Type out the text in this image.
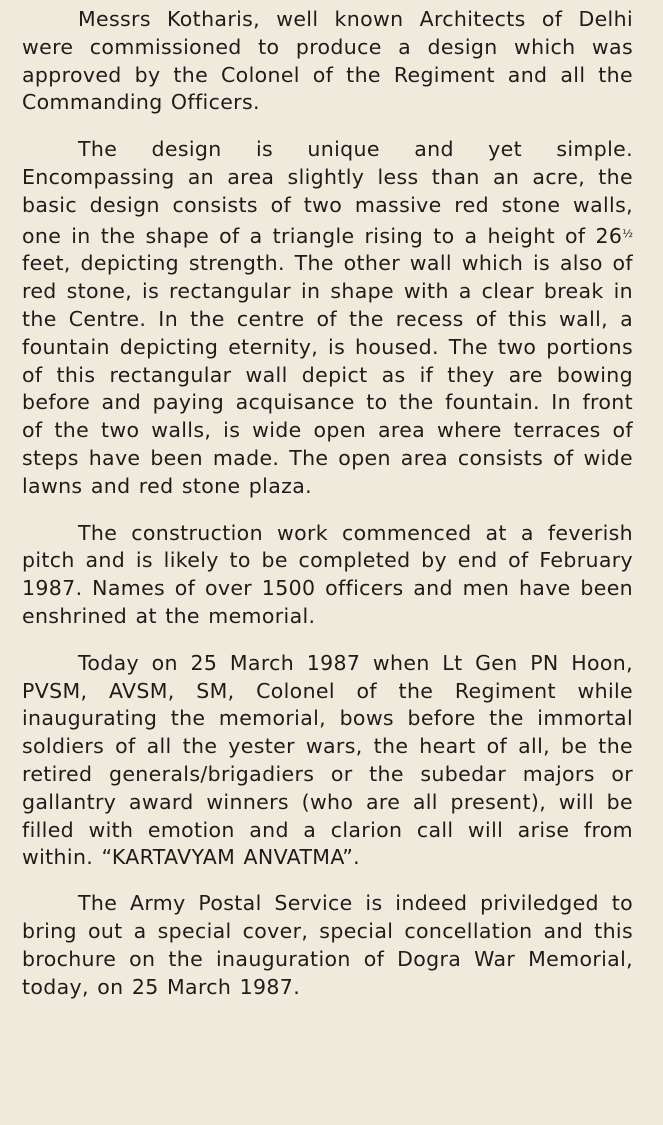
Messrs Kotharis, well known Architects of Delhi were commissioned to produce a design which was approved by the Colonel of the Regiment and all the Commanding Officers.

The design is unique and yet simple. Encompassing an area slightly less than an acre, the basic design consists of two massive red stone walls, one in the shape of a triangle rising to a height of $26^{\frac{1}{2}}$ feet, depicting strength. The other wall which is also of red stone, is rectangular in shape with a clear break in the Centre. In the centre of the recess of this wall, a fountain depicting eternity, is housed. The two portions of this rectangular wall depict as if they are bowing before and paying acquisance to the fountain. In front of the two walls, is wide open area where terraces of steps have been made. The open area consists of wide lawns and red stone plaza.

The construction work commenced at a feverish pitch and is likely to be completed by end of February 1987. Names of over 1500 officers and men have been enshrined at the memorial.

Today on 25 March 1987 when Lt Gen PN Hoon, PVSM, AVSM, SM, Colonel of the Regiment while inaugurating the memorial, bows before the immortal soldiers of all the yester wars, the heart of all, be the retired generals/brigadiers or the subedar majors or gallantry award winners (who are all present), will be filled with emotion and a clarion call will arise from within. “KARTAVYAM ANVATMA”.

The Army Postal Service is indeed priviledged to bring out a special cover, special concellation and this brochure on the inauguration of Dogra War Memorial, today, on 25 March 1987.
